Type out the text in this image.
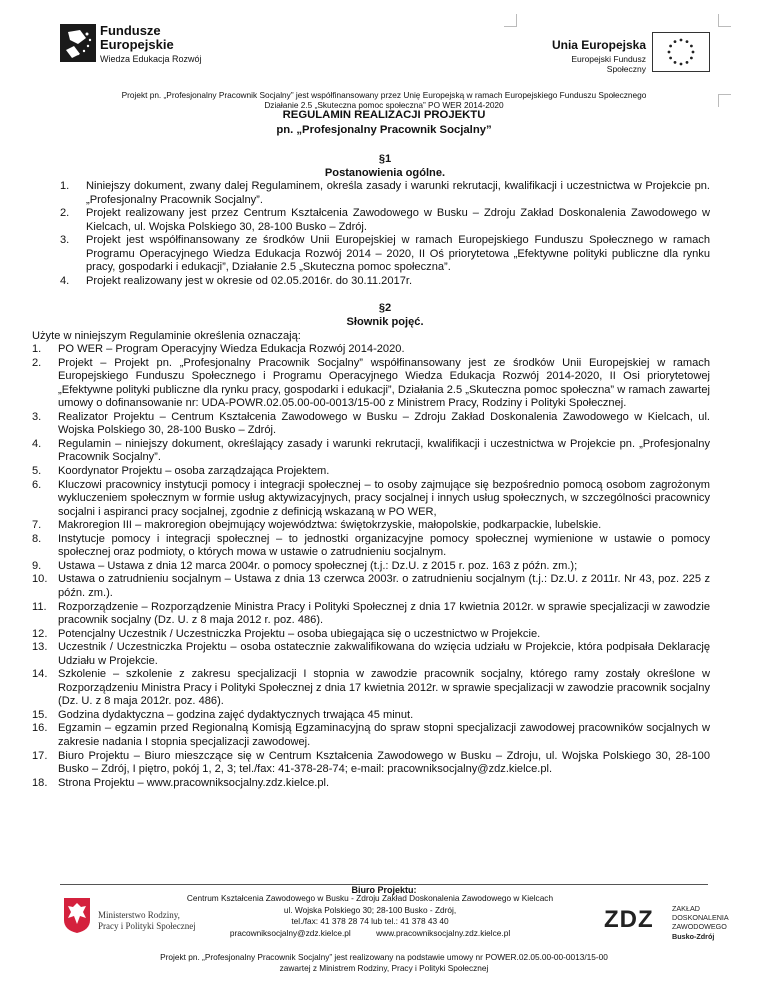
Fundusze
Europejskie
Wiedza Edukacja Rozwój
Unia Europejska
Europejski Fundusz Społeczny
Projekt pn. „Profesjonalny Pracownik Socjalny” jest współfinansowany przez Unię Europejską w ramach Europejskiego Funduszu Społecznego
Działanie 2.5 „Skuteczna pomoc społeczna” PO WER 2014-2020
REGULAMIN REALIZACJI PROJEKTU
pn. „Profesjonalny Pracownik Socjalny”
§1
Postanowienia ogólne.
1. Niniejszy dokument, zwany dalej Regulaminem, określa zasady i warunki rekrutacji, kwalifikacji i uczestnictwa w Projekcie pn. „Profesjonalny Pracownik Socjalny”.
2. Projekt realizowany jest przez Centrum Kształcenia Zawodowego w Busku – Zdroju Zakład Doskonalenia Zawodowego w Kielcach, ul. Wojska Polskiego 30, 28-100 Busko – Zdrój.
3. Projekt jest współfinansowany ze środków Unii Europejskiej w ramach Europejskiego Funduszu Społecznego w ramach Programu Operacyjnego Wiedza Edukacja Rozwój 2014 – 2020, II Oś priorytetowa „Efektywne polityki publiczne dla rynku pracy, gospodarki i edukacji”, Działanie 2.5 „Skuteczna pomoc społeczna”.
4. Projekt realizowany jest w okresie od 02.05.2016r. do 30.11.2017r.
§2
Słownik pojęć.
Użyte w niniejszym Regulaminie określenia oznaczają:
1. PO WER – Program Operacyjny Wiedza Edukacja Rozwój 2014-2020.
2. Projekt – Projekt pn. „Profesjonalny Pracownik Socjalny” współfinansowany jest ze środków Unii Europejskiej w ramach Europejskiego Funduszu Społecznego i Programu Operacyjnego Wiedza Edukacja Rozwój 2014-2020, II Osi priorytetowej „Efektywne polityki publiczne dla rynku pracy, gospodarki i edukacji”, Działania 2.5 „Skuteczna pomoc społeczna” w ramach zawartej umowy o dofinansowanie nr: UDA-POWR.02.05.00-00-0013/15-00 z Ministrem Pracy, Rodziny i Polityki Społecznej.
3. Realizator Projektu – Centrum Kształcenia Zawodowego w Busku – Zdroju Zakład Doskonalenia Zawodowego w Kielcach, ul. Wojska Polskiego 30, 28-100 Busko – Zdrój.
4. Regulamin – niniejszy dokument, określający zasady i warunki rekrutacji, kwalifikacji i uczestnictwa w Projekcie pn. „Profesjonalny Pracownik Socjalny”.
5. Koordynator Projektu – osoba zarządzająca Projektem.
6. Kluczowi pracownicy instytucji pomocy i integracji społecznej – to osoby zajmujące się bezpośrednio pomocą osobom zagrożonym wykluczeniem społecznym w formie usług aktywizacyjnych, pracy socjalnej i innych usług społecznych, w szczególności pracownicy socjalni i aspiranci pracy socjalnej, zgodnie z definicją wskazaną w PO WER,
7. Makroregion III – makroregion obejmujący województwa: świętokrzyskie, małopolskie, podkarpackie, lubelskie.
8. Instytucje pomocy i integracji społecznej – to jednostki organizacyjne pomocy społecznej wymienione w ustawie o pomocy społecznej oraz podmioty, o których mowa w ustawie o zatrudnieniu socjalnym.
9. Ustawa – Ustawa z dnia 12 marca 2004r. o pomocy społecznej (t.j.: Dz.U. z 2015 r. poz. 163 z późn. zm.);
10. Ustawa o zatrudnieniu socjalnym – Ustawa z dnia 13 czerwca 2003r. o zatrudnieniu socjalnym (t.j.: Dz.U. z 2011r. Nr 43, poz. 225 z późn. zm.).
11. Rozporządzenie – Rozporządzenie Ministra Pracy i Polityki Społecznej z dnia 17 kwietnia 2012r. w sprawie specjalizacji w zawodzie pracownik socjalny (Dz. U. z 8 maja 2012 r. poz. 486).
12. Potencjalny Uczestnik / Uczestniczka Projektu – osoba ubiegająca się o uczestnictwo w Projekcie.
13. Uczestnik / Uczestniczka Projektu – osoba ostatecznie zakwalifikowana do wzięcia udziału w Projekcie, która podpisała Deklarację Udziału w Projekcie.
14. Szkolenie – szkolenie z zakresu specjalizacji I stopnia w zawodzie pracownik socjalny, którego ramy zostały określone w Rozporządzeniu Ministra Pracy i Polityki Społecznej z dnia 17 kwietnia 2012r. w sprawie specjalizacji w zawodzie pracownik socjalny (Dz. U. z 8 maja 2012r. poz. 486).
15. Godzina dydaktyczna – godzina zajęć dydaktycznych trwająca 45 minut.
16. Egzamin – egzamin przed Regionalną Komisją Egzaminacyjną do spraw stopni specjalizacji zawodowej pracowników socjalnych w zakresie nadania I stopnia specjalizacji zawodowej.
17. Biuro Projektu – Biuro mieszczące się w Centrum Kształcenia Zawodowego w Busku – Zdroju, ul. Wojska Polskiego 30, 28-100 Busko – Zdrój, I piętro, pokój 1, 2, 3; tel./fax: 41-378-28-74; e-mail: pracowniksocjalny@zdz.kielce.pl.
18. Strona Projektu – www.pracowniksocjalny.zdz.kielce.pl.
Biuro Projektu:
Ministerstwo Rodziny,
Pracy i Polityki Społecznej
Centrum Kształcenia Zawodowego w Busku - Zdroju Zakład Doskonalenia Zawodowego w Kielcach
ul. Wojska Polskiego 30; 28-100 Busko - Zdrój,
tel./fax: 41 378 28 74 lub tel.: 41 378 43 40
pracowniksocjalny@zdz.kielce.pl	www.pracowniksocjalny.zdz.kielce.pl	ZDZ	ZAKŁAD
DOSKONALENIA
ZAWODOWEGO
Busko-Zdrój
Projekt pn. „Profesjonalny Pracownik Socjalny” jest realizowany na podstawie umowy nr POWER.02.05.00-00-0013/15-00
zawartej z Ministrem Rodziny, Pracy i Polityki Społecznej
